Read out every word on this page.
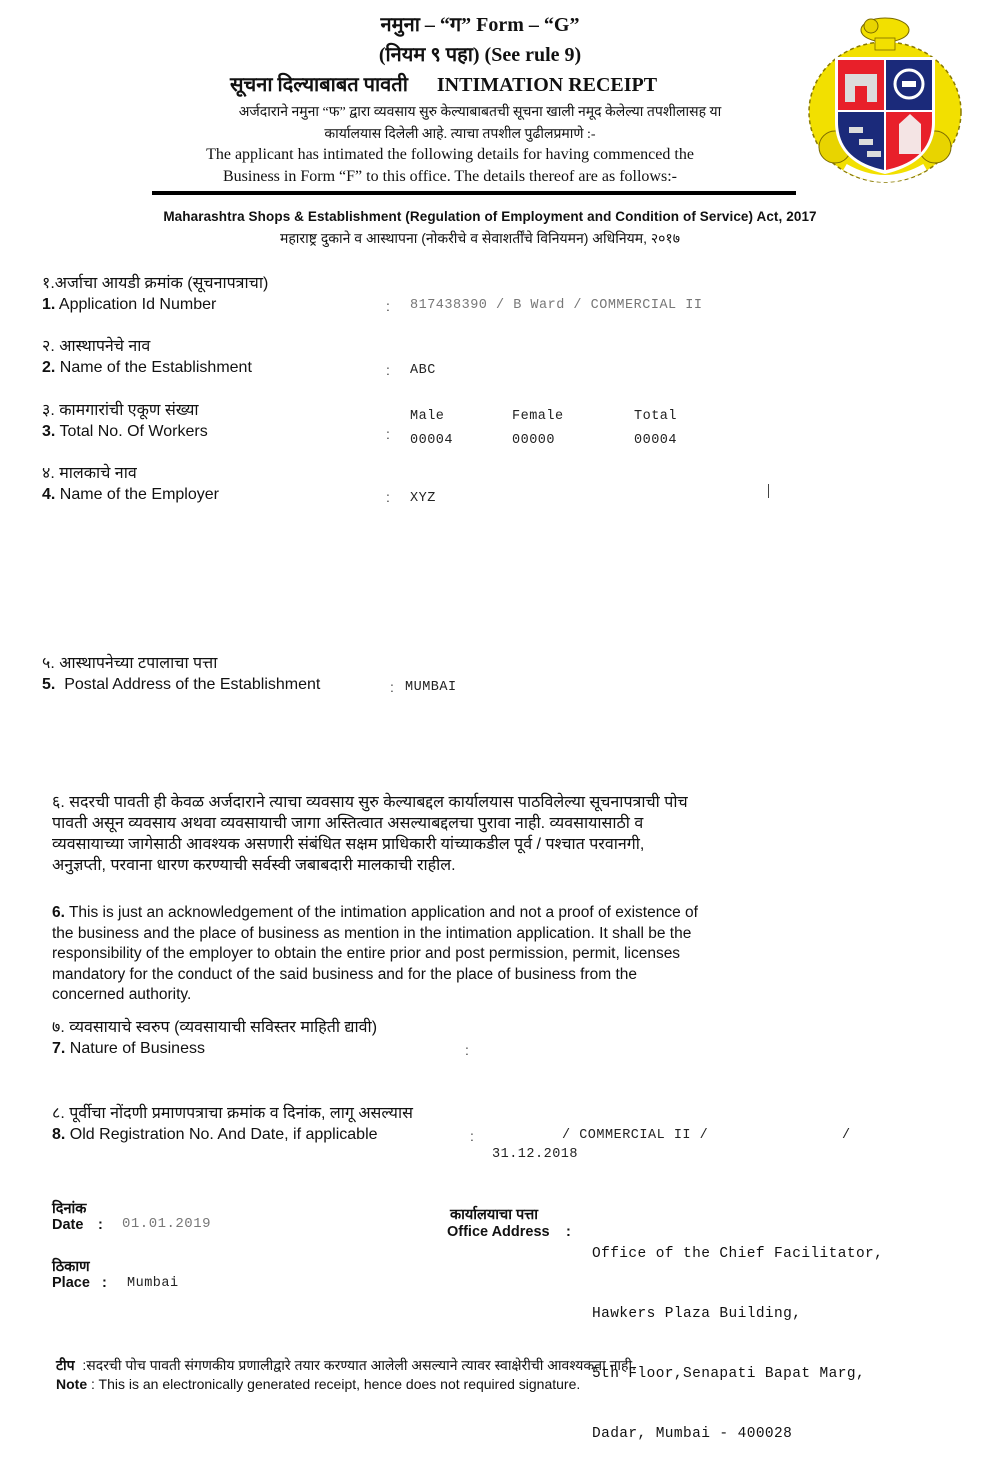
नमुना – “ग” Form – “G”
(नियम ९ पहा) (See rule 9)
सूचना दिल्याबाबत पावती INTIMATION RECEIPT
अर्जदाराने नमुना “फ” द्वारा व्यवसाय सुरु केल्याबाबतची सूचना खाली नमूद केलेल्या तपशीलासह या
कार्यालयास दिलेली आहे. त्याचा तपशील पुढीलप्रमाणे :-
The applicant has intimated the following details for having commenced the
Business in Form “F” to this office. The details thereof are as follows:-
Maharashtra Shops & Establishment (Regulation of Employment and Condition of Service) Act, 2017
महाराष्ट्र दुकाने व आस्थापना (नोकरीचे व सेवाशर्तींचे विनियमन) अधिनियम, २०१७
१.अर्जाचा आयडी क्रमांक (सूचनापत्राचा)
1. Application Id Number	: 817438390 / B Ward / COMMERCIAL II
२. आस्थापनेचे नाव
2. Name of the Establishment	: ABC
३. कामगारांची एकूण संख्या
3. Total No. Of Workers	:
Male	Female	Total
00004	00000	00004
४. मालकाचे नाव
4. Name of the Employer	: XYZ
५. आस्थापनेच्या टपालाचा पत्ता
5.  Postal Address of the Establishment	: MUMBAI
६. सदरची पावती ही केवळ अर्जदाराने त्याचा व्यवसाय सुरु केल्याबद्दल कार्यालयास पाठविलेल्या सूचनापत्राची पोच
पावती असून व्यवसाय अथवा व्यवसायाची जागा अस्तित्वात असल्याबद्दलचा पुरावा नाही. व्यवसायासाठी व
व्यवसायाच्या जागेसाठी आवश्यक असणारी संबंधित सक्षम प्राधिकारी यांच्याकडील पूर्व / पश्चात परवानगी,
अनुज्ञप्ती, परवाना धारण करण्याची सर्वस्वी जबाबदारी मालकाची राहील.
6. This is just an acknowledgement of the intimation application and not a proof of existence of
the business and the place of business as mention in the intimation application. It shall be the
responsibility of the employer to obtain the entire prior and post permission, permit, licenses
mandatory for the conduct of the said business and for the place of business from the
concerned authority.
७. व्यवसायाचे स्वरुप (व्यवसायाची सविस्तर माहिती द्यावी)
7. Nature of Business	:
८. पूर्वीचा नोंदणी प्रमाणपत्राचा क्रमांक व दिनांक, लागू असल्यास
8. Old Registration No. And Date, if applicable	:	/ COMMERCIAL II /	/
31.12.2018
दिनांक
Date : 01.01.2019
ठिकाण
Place : Mumbai
कार्यालयाचा पत्ता
Office Address :

Office of the Chief Facilitator,

Hawkers Plaza Building,

5th Floor,Senapati Bapat Marg,

Dadar, Mumbai - 400028

टीप  :सदरची पोच पावती संगणकीय प्रणालीद्वारे तयार करण्यात आलेली असल्याने त्यावर स्वाक्षेरीची आवश्यकता नाही.
Note : This is an electronically generated receipt, hence does not required signature.
